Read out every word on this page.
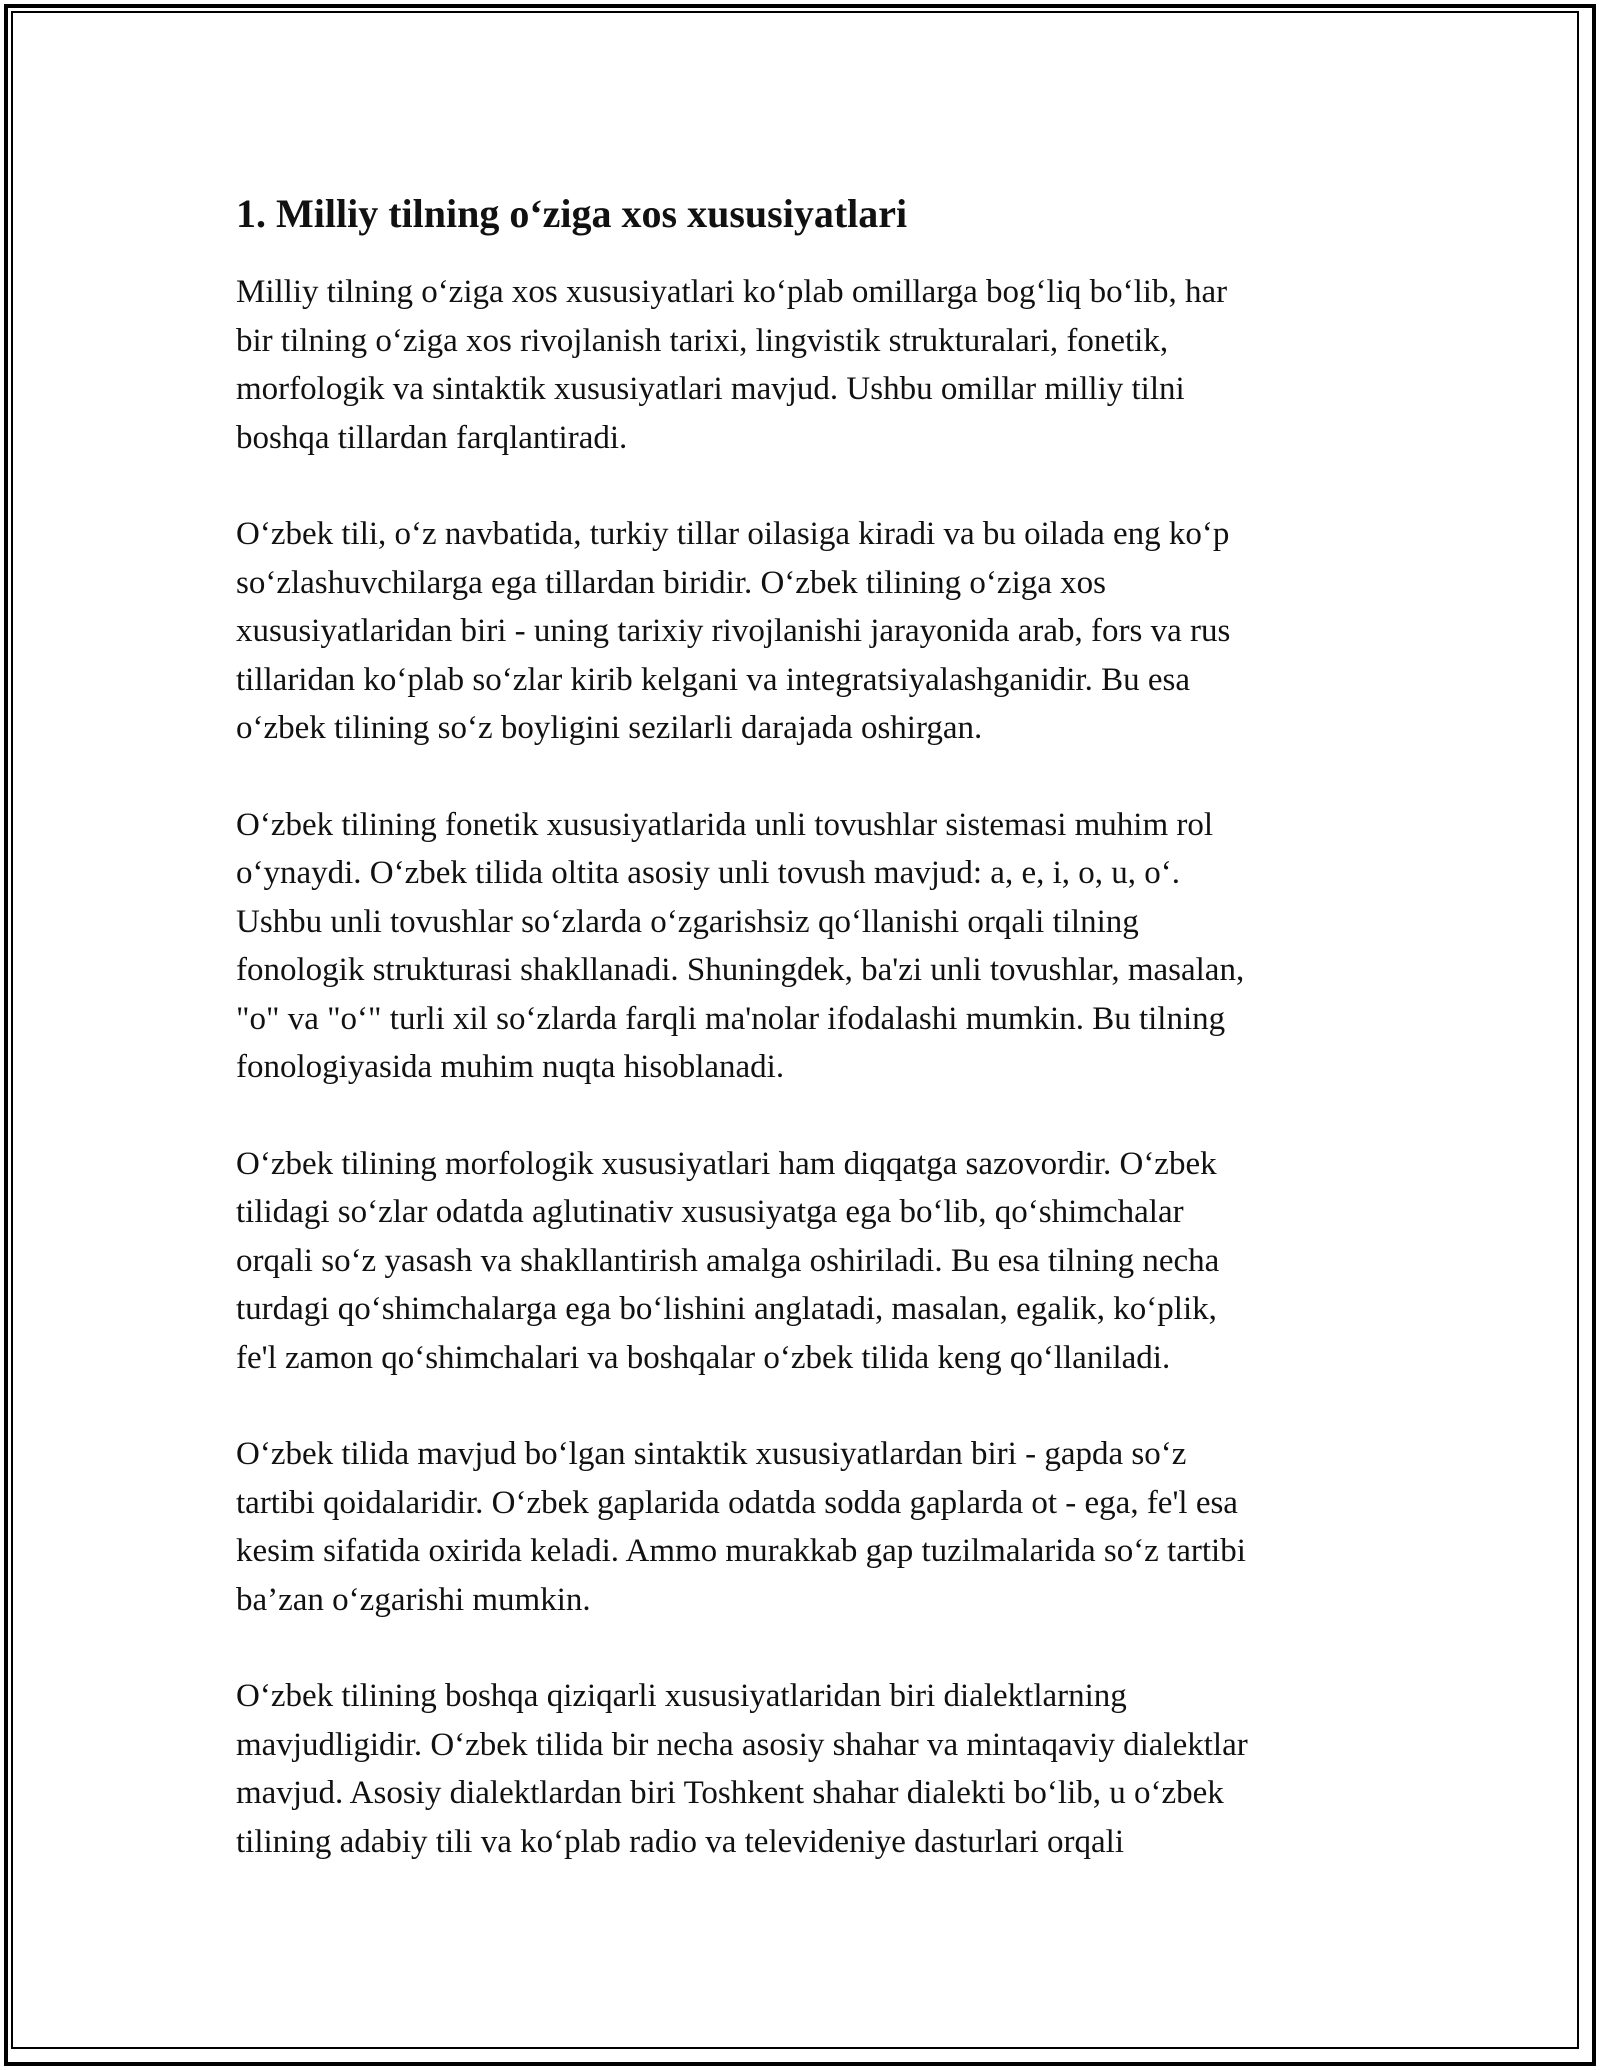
1. Milliy tilning o‘ziga xos xususiyatlari

Milliy tilning o‘ziga xos xususiyatlari ko‘plab omillarga bog‘liq bo‘lib, har
bir tilning o‘ziga xos rivojlanish tarixi, lingvistik strukturalari, fonetik,
morfologik va sintaktik xususiyatlari mavjud. Ushbu omillar milliy tilni
boshqa tillardan farqlantiradi.

O‘zbek tili, o‘z navbatida, turkiy tillar oilasiga kiradi va bu oilada eng ko‘p
so‘zlashuvchilarga ega tillardan biridir. O‘zbek tilining o‘ziga xos
xususiyatlaridan biri - uning tarixiy rivojlanishi jarayonida arab, fors va rus
tillaridan ko‘plab so‘zlar kirib kelgani va integratsiyalashganidir. Bu esa
o‘zbek tilining so‘z boyligini sezilarli darajada oshirgan.

O‘zbek tilining fonetik xususiyatlarida unli tovushlar sistemasi muhim rol
o‘ynaydi. O‘zbek tilida oltita asosiy unli tovush mavjud: a, e, i, o, u, o‘.
Ushbu unli tovushlar so‘zlarda o‘zgarishsiz qo‘llanishi orqali tilning
fonologik strukturasi shakllanadi. Shuningdek, ba'zi unli tovushlar, masalan,
"o" va "o‘" turli xil so‘zlarda farqli ma'nolar ifodalashi mumkin. Bu tilning
fonologiyasida muhim nuqta hisoblanadi.

O‘zbek tilining morfologik xususiyatlari ham diqqatga sazovordir. O‘zbek
tilidagi so‘zlar odatda aglutinativ xususiyatga ega bo‘lib, qo‘shimchalar
orqali so‘z yasash va shakllantirish amalga oshiriladi. Bu esa tilning necha
turdagi qo‘shimchalarga ega bo‘lishini anglatadi, masalan, egalik, ko‘plik,
fe'l zamon qo‘shimchalari va boshqalar o‘zbek tilida keng qo‘llaniladi.

O‘zbek tilida mavjud bo‘lgan sintaktik xususiyatlardan biri - gapda so‘z
tartibi qoidalaridir. O‘zbek gaplarida odatda sodda gaplarda ot - ega, fe'l esa
kesim sifatida oxirida keladi. Ammo murakkab gap tuzilmalarida so‘z tartibi
ba’zan o‘zgarishi mumkin.

O‘zbek tilining boshqa qiziqarli xususiyatlaridan biri dialektlarning
mavjudligidir. O‘zbek tilida bir necha asosiy shahar va mintaqaviy dialektlar
mavjud. Asosiy dialektlardan biri Toshkent shahar dialekti bo‘lib, u o‘zbek
tilining adabiy tili va ko‘plab radio va televideniye dasturlari orqali
